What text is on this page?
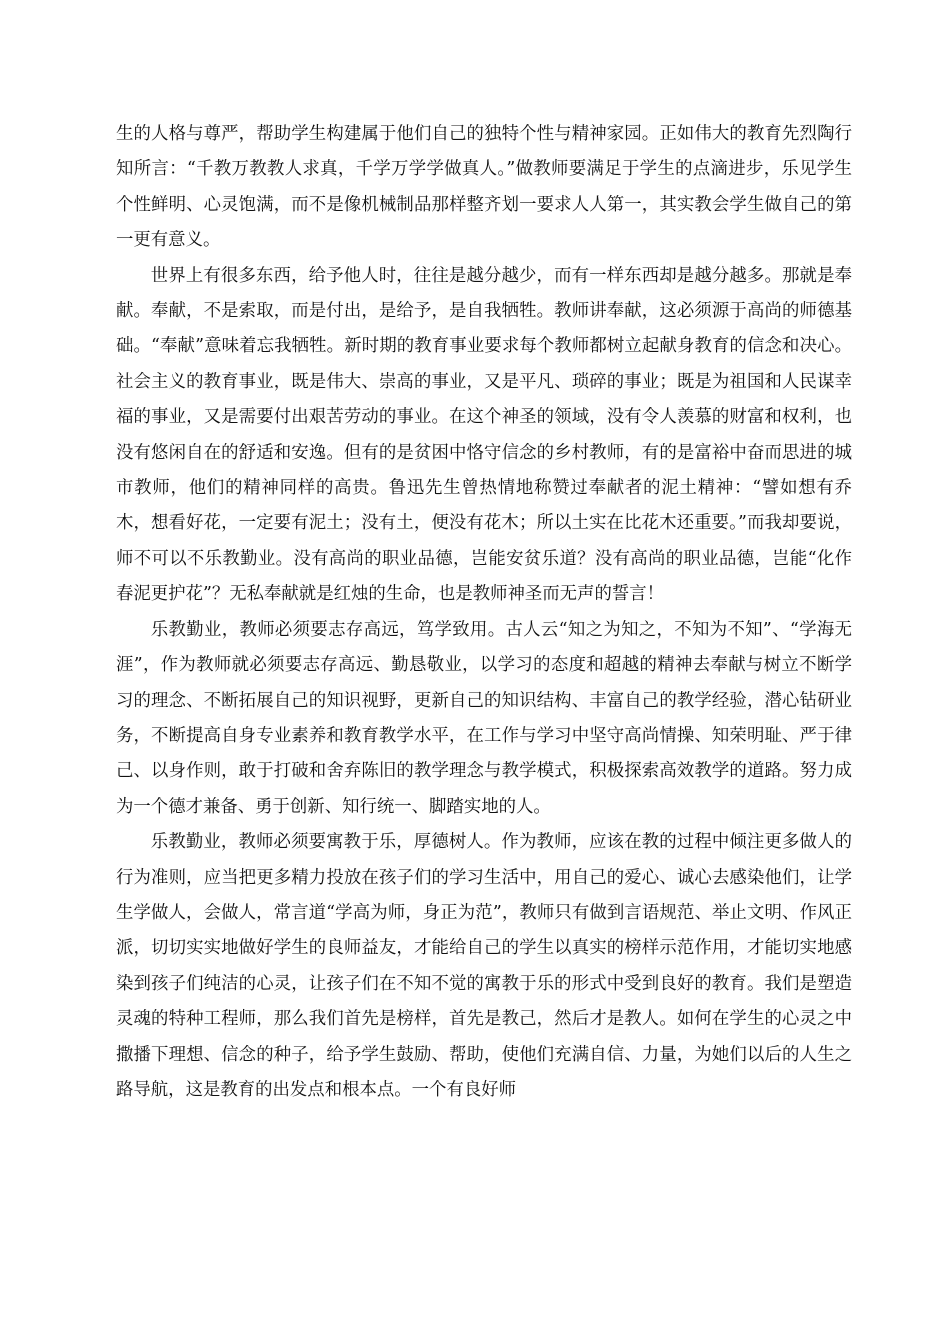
生的人格与尊严，帮助学生构建属于他们自己的独特个性与精神家园。正如伟大的教育先烈陶行知所言：“千教万教教人求真，千学万学学做真人。”做教师要满足于学生的点滴进步，乐见学生个性鲜明、心灵饱满，而不是像机械制品那样整齐划一要求人人第一，其实教会学生做自己的第一更有意义。

世界上有很多东西，给予他人时，往往是越分越少，而有一样东西却是越分越多。那就是奉献。奉献，不是索取，而是付出，是给予，是自我牺牲。教师讲奉献，这必须源于高尚的师德基础。“奉献”意味着忘我牺牲。新时期的教育事业要求每个教师都树立起献身教育的信念和决心。社会主义的教育事业，既是伟大、崇高的事业，又是平凡、琐碎的事业；既是为祖国和人民谋幸福的事业，又是需要付出艰苦劳动的事业。在这个神圣的领域，没有令人羡慕的财富和权利，也没有悠闲自在的舒适和安逸。但有的是贫困中恪守信念的乡村教师，有的是富裕中奋而思进的城市教师，他们的精神同样的高贵。鲁迅先生曾热情地称赞过奉献者的泥土精神：“譬如想有乔木，想看好花，一定要有泥土；没有土，便没有花木；所以土实在比花木还重要。”而我却要说，师不可以不乐教勤业。没有高尚的职业品德，岂能安贫乐道？没有高尚的职业品德，岂能“化作春泥更护花”？无私奉献就是红烛的生命，也是教师神圣而无声的誓言！

乐教勤业，教师必须要志存高远，笃学致用。古人云“知之为知之，不知为不知”、“学海无涯”，作为教师就必须要志存高远、勤恳敬业，以学习的态度和超越的精神去奉献与树立不断学习的理念、不断拓展自己的知识视野，更新自己的知识结构、丰富自己的教学经验，潜心钻研业务，不断提高自身专业素养和教育教学水平，在工作与学习中坚守高尚情操、知荣明耻、严于律己、以身作则，敢于打破和舍弃陈旧的教学理念与教学模式，积极探索高效教学的道路。努力成为一个德才兼备、勇于创新、知行统一、脚踏实地的人。

乐教勤业，教师必须要寓教于乐，厚德树人。作为教师，应该在教的过程中倾注更多做人的行为准则，应当把更多精力投放在孩子们的学习生活中，用自己的爱心、诚心去感染他们，让学生学做人，会做人，常言道“学高为师，身正为范”，教师只有做到言语规范、举止文明、作风正派，切切实实地做好学生的良师益友，才能给自己的学生以真实的榜样示范作用，才能切实地感染到孩子们纯洁的心灵，让孩子们在不知不觉的寓教于乐的形式中受到良好的教育。我们是塑造灵魂的特种工程师，那么我们首先是榜样，首先是教己，然后才是教人。如何在学生的心灵之中撒播下理想、信念的种子，给予学生鼓励、帮助，使他们充满自信、力量，为她们以后的人生之路导航，这是教育的出发点和根本点。一个有良好师
